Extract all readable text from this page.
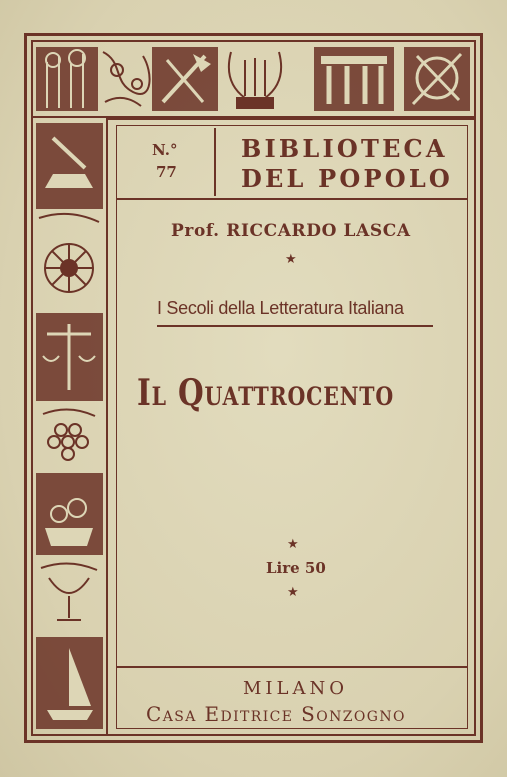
N.°
77
BIBLIOTECA
DEL POPOLO
Prof. RICCARDO LASCA
★
I Secoli della Letteratura Italiana
Il Quattrocento
★
Lire 50
★
MILANO
Casa Editrice Sonzogno
